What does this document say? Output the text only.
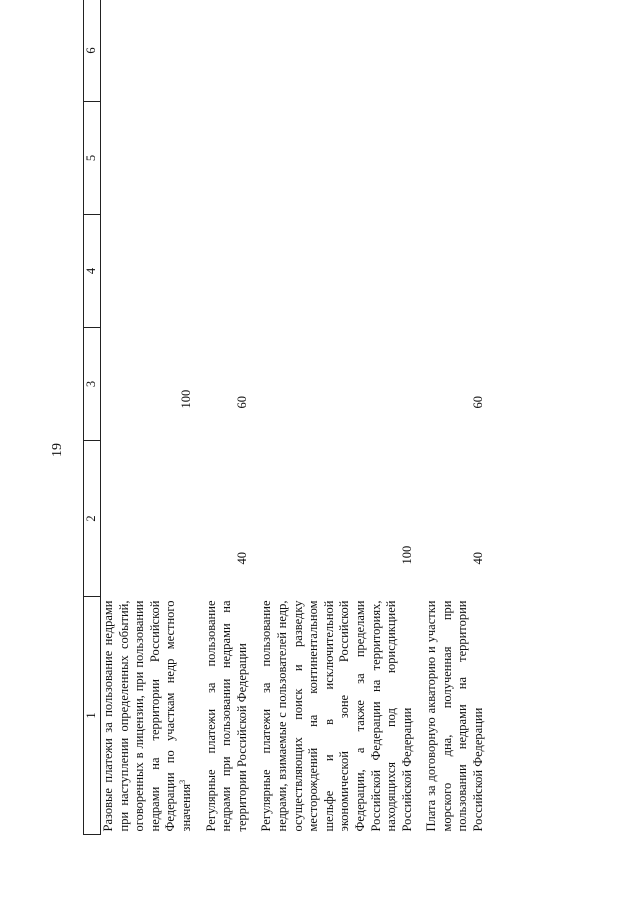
19
1	2	3	4	5	6
Разовые платежи за пользование недрами при наступлении определенных событий, оговоренных в лицензии, при пользовании недрами на территории Российской Федерации по участкам недр местного значения$^3$		100			

Регулярные платежи за пользование недрами при пользовании недрами на территории Российской Федерации	40	60			

Регулярные платежи за пользование недрами, взимаемые с пользователей недр, осуществляющих поиск и разведку месторождений на континентальном шельфе и в исключительной экономической зоне Российской Федерации, а также за пределами Российской Федерации на территориях, находящихся под юрисдикцией Российской Федерации	100				

Плата за договорную акваторию и участки морского дна, полученная при пользовании недрами на территории Российской Федерации	40	60			
